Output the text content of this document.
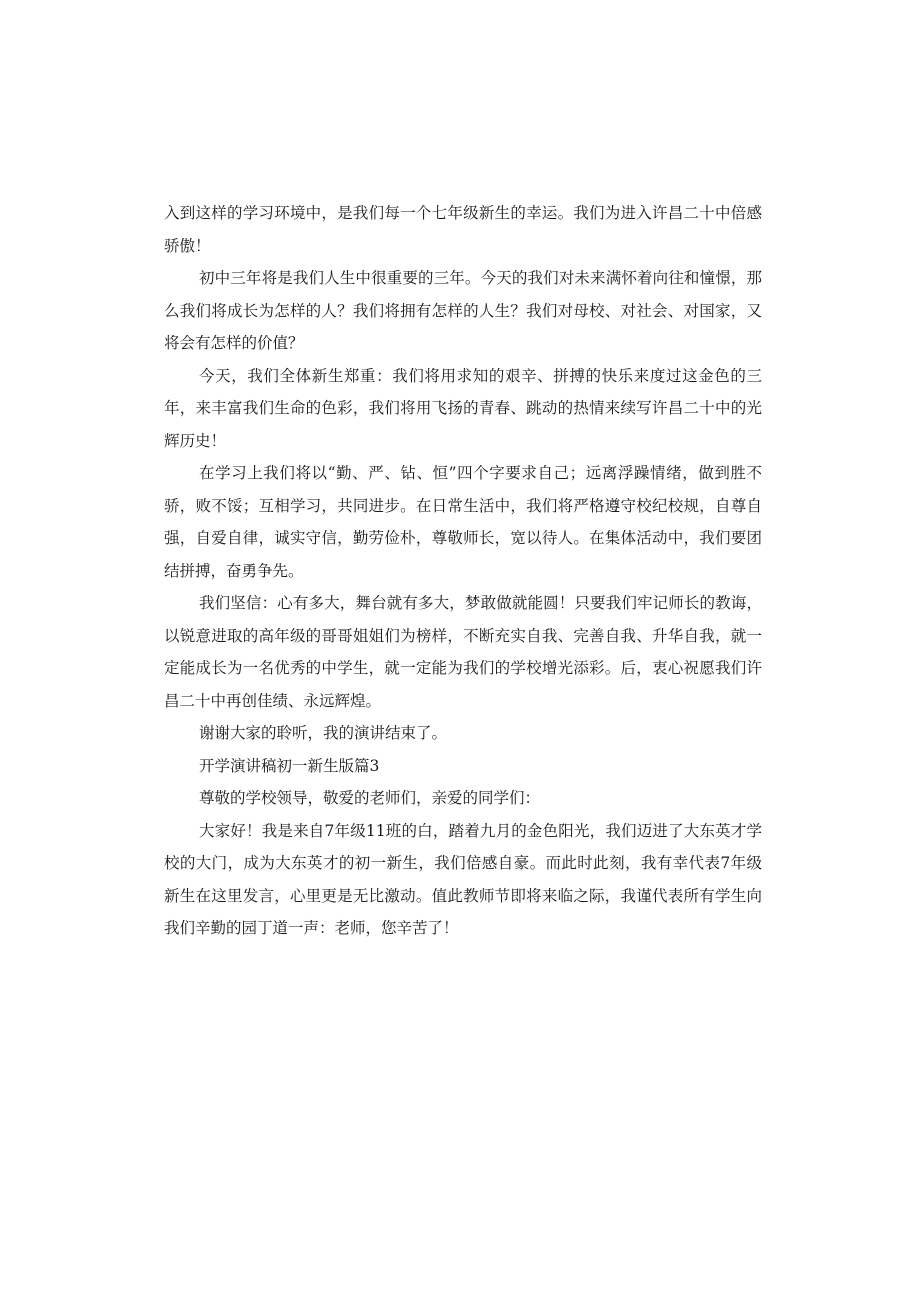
入到这样的学习环境中，是我们每一个七年级新生的幸运。我们为进入许昌二十中倍感骄傲！

初中三年将是我们人生中很重要的三年。今天的我们对未来满怀着向往和憧憬，那么我们将成长为怎样的人？我们将拥有怎样的人生？我们对母校、对社会、对国家，又将会有怎样的价值？

今天，我们全体新生郑重：我们将用求知的艰辛、拼搏的快乐来度过这金色的三年，来丰富我们生命的色彩，我们将用飞扬的青春、跳动的热情来续写许昌二十中的光辉历史！

在学习上我们将以“勤、严、钻、恒”四个字要求自己；远离浮躁情绪，做到胜不骄，败不馁；互相学习，共同进步。在日常生活中，我们将严格遵守校纪校规，自尊自强，自爱自律，诚实守信，勤劳俭朴，尊敬师长，宽以待人。在集体活动中，我们要团结拼搏，奋勇争先。

我们坚信：心有多大，舞台就有多大，梦敢做就能圆！只要我们牢记师长的教诲，以锐意进取的高年级的哥哥姐姐们为榜样，不断充实自我、完善自我、升华自我，就一定能成长为一名优秀的中学生，就一定能为我们的学校增光添彩。后，衷心祝愿我们许昌二十中再创佳绩、永远辉煌。

谢谢大家的聆听，我的演讲结束了。

开学演讲稿初一新生版篇3

尊敬的学校领导，敬爱的老师们，亲爱的同学们：

大家好！我是来自7年级11班的白，踏着九月的金色阳光，我们迈进了大东英才学校的大门，成为大东英才的初一新生，我们倍感自豪。而此时此刻，我有幸代表7年级新生在这里发言，心里更是无比激动。值此教师节即将来临之际，我谨代表所有学生向我们辛勤的园丁道一声：老师，您辛苦了！
